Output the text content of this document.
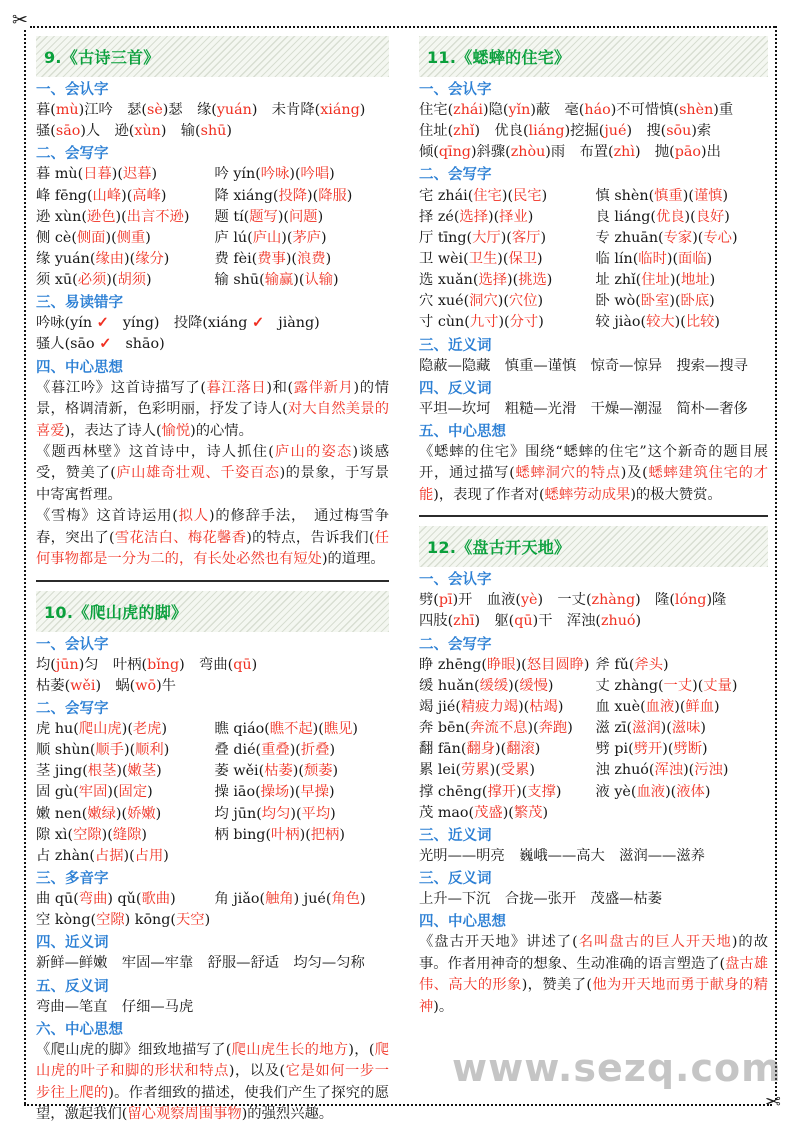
✂
✂
9.《古诗三首》
一、会认字
暮(mù)江吟　 瑟(sè)瑟　 缘(yuán)　 未肯降(xiáng)
骚(sāo)人　 逊(xùn)　 输(shū)
二、会写字
暮 mù(日暮)(迟暮)	吟 yín(吟咏)(吟唱)
峰 fēng(山峰)(高峰)	降 xiáng(投降)(降服)
逊 xùn(逊色)(出言不逊)	题 tí(题写)(问题)
侧 cè(侧面)(侧重)	庐 lú(庐山)(茅庐)
缘 yuán(缘由)(缘分)	费 fèi(费事)(浪费)
须 xū(必须)(胡须)	输 shū(输赢)(认输)
三、易读错字
吟咏(yín ✓　yíng)　投降(xiáng ✓　jiàng)
骚人(sāo ✓　shāo)
四、中心思想
《暮江吟》这首诗描写了(暮江落日)和(露伴新月)的情景，格调清新，色彩明丽，抒发了诗人(对大自然美景的喜爱)，表达了诗人(愉悦)的心情。
《题西林壁》这首诗中，诗人抓住(庐山的姿态)谈感受，赞美了(庐山雄奇壮观、千姿百态)的景象，于写景中寄寓哲理。
《雪梅》这首诗运用(拟人)的修辞手法，　通过梅雪争春，突出了(雪花洁白、梅花馨香)的特点，告诉我们(任何事物都是一分为二的，有长处必然也有短处)的道理。
10.《爬山虎的脚》
一、会认字
均(jūn)匀　 叶柄(bǐng)　 弯曲(qū)
枯萎(wěi)　 蜗(wō)牛
二、会写字
虎 hu(爬山虎)(老虎)	瞧 qiáo(瞧不起)(瞧见)
顺 shùn(顺手)(顺利)	叠 dié(重叠)(折叠)
茎 jing(根茎)(嫩茎)	萎 wěi(枯萎)(颓萎)
固 gù(牢固)(固定)	操 iāo(操场)(早操)
嫩 nen(嫩绿)(娇嫩)	均 jūn(均匀)(平均)
隙 xì(空隙)(缝隙)	柄 bing(叶柄)(把柄)
占 zhàn(占据)(占用)
三、多音字
曲 qū(弯曲) qǔ(歌曲)	角 jiǎo(触角) jué(角色)
空 kòng(空隙) kōng(天空)
四、近义词
新鲜—鲜嫩　牢固—牢靠　舒服—舒适　均匀—匀称
五、反义词
弯曲—笔直　仔细—马虎
六、中心思想
《爬山虎的脚》细致地描写了(爬山虎生长的地方)，(爬山虎的叶子和脚的形状和特点)，以及(它是如何一步一步往上爬的)。作者细致的描述，使我们产生了探究的愿望，激起我们(留心观察周围事物)的强烈兴趣。
11.《蟋蟀的住宅》
一、会认字
住宅(zhái)隐(yǐn)蔽　 毫(háo)不可惜慎(shèn)重
住址(zhǐ)　 优良(liáng)挖掘(jué)　 搜(sōu)索
倾(qīng)斜骤(zhòu)雨　 布置(zhì)　 抛(pāo)出
二、会写字
宅 zhái(住宅)(民宅)	慎 shèn(慎重)(谨慎)
择 zé(选择)(择业)	良 liáng(优良)(良好)
厅 tīng(大厅)(客厅)	专 zhuān(专家)(专心)
卫 wèi(卫生)(保卫)	临 lín(临时)(面临)
选 xuǎn(选择)(挑选)	址 zhǐ(住址)(地址)
穴 xué(洞穴)(穴位)	卧 wò(卧室)(卧底)
寸 cùn(九寸)(分寸)	较 jiào(较大)(比较)
三、近义词
隐蔽—隐藏　慎重—谨慎　惊奇—惊异　搜索—搜寻
四、反义词
平坦—坎坷　粗糙—光滑　干燥—潮湿　简朴—奢侈
五、中心思想
《蟋蟀的住宅》围绕“蟋蟀的住宅”这个新奇的题目展开，通过描写(蟋蟀洞穴的特点)及(蟋蟀建筑住宅的才能)，表现了作者对(蟋蟀劳动成果)的极大赞赏。
12.《盘古开天地》
一、会认字
劈(pī)开　 血液(yè)　 一丈(zhàng)　 隆(lóng)隆
四肢(zhī)　 躯(qū)干　 浑浊(zhuó)
二、会写字
睁 zhēng(睁眼)(怒目圆睁) 斧 fǔ(斧头)
缓 huǎn(缓缓)(缓慢)	丈 zhàng(一丈)(丈量)
竭 jié(精疲力竭)(枯竭)	血 xuè(血液)(鲜血)
奔 bēn(奔流不息)(奔跑)	滋 zī(滋润)(滋味)
翻 fān(翻身)(翻滚)	劈 pi(劈开)(劈断)
累 lei(劳累)(受累)	浊 zhuó(浑浊)(污浊)
撑 chēng(撑开)(支撑)	液 yè(血液)(液体)
茂 mao(茂盛)(繁茂)
三、近义词
光明——明亮　巍峨——高大　滋润——滋养
三、反义词
上升—下沉　合拢—张开　茂盛—枯萎
四、中心思想
《盘古开天地》讲述了(名叫盘古的巨人开天地)的故事。作者用神奇的想象、生动准确的语言塑造了(盘古雄伟、高大的形象)，赞美了(他为开天地而勇于献身的精神)。
www.sezq.com
